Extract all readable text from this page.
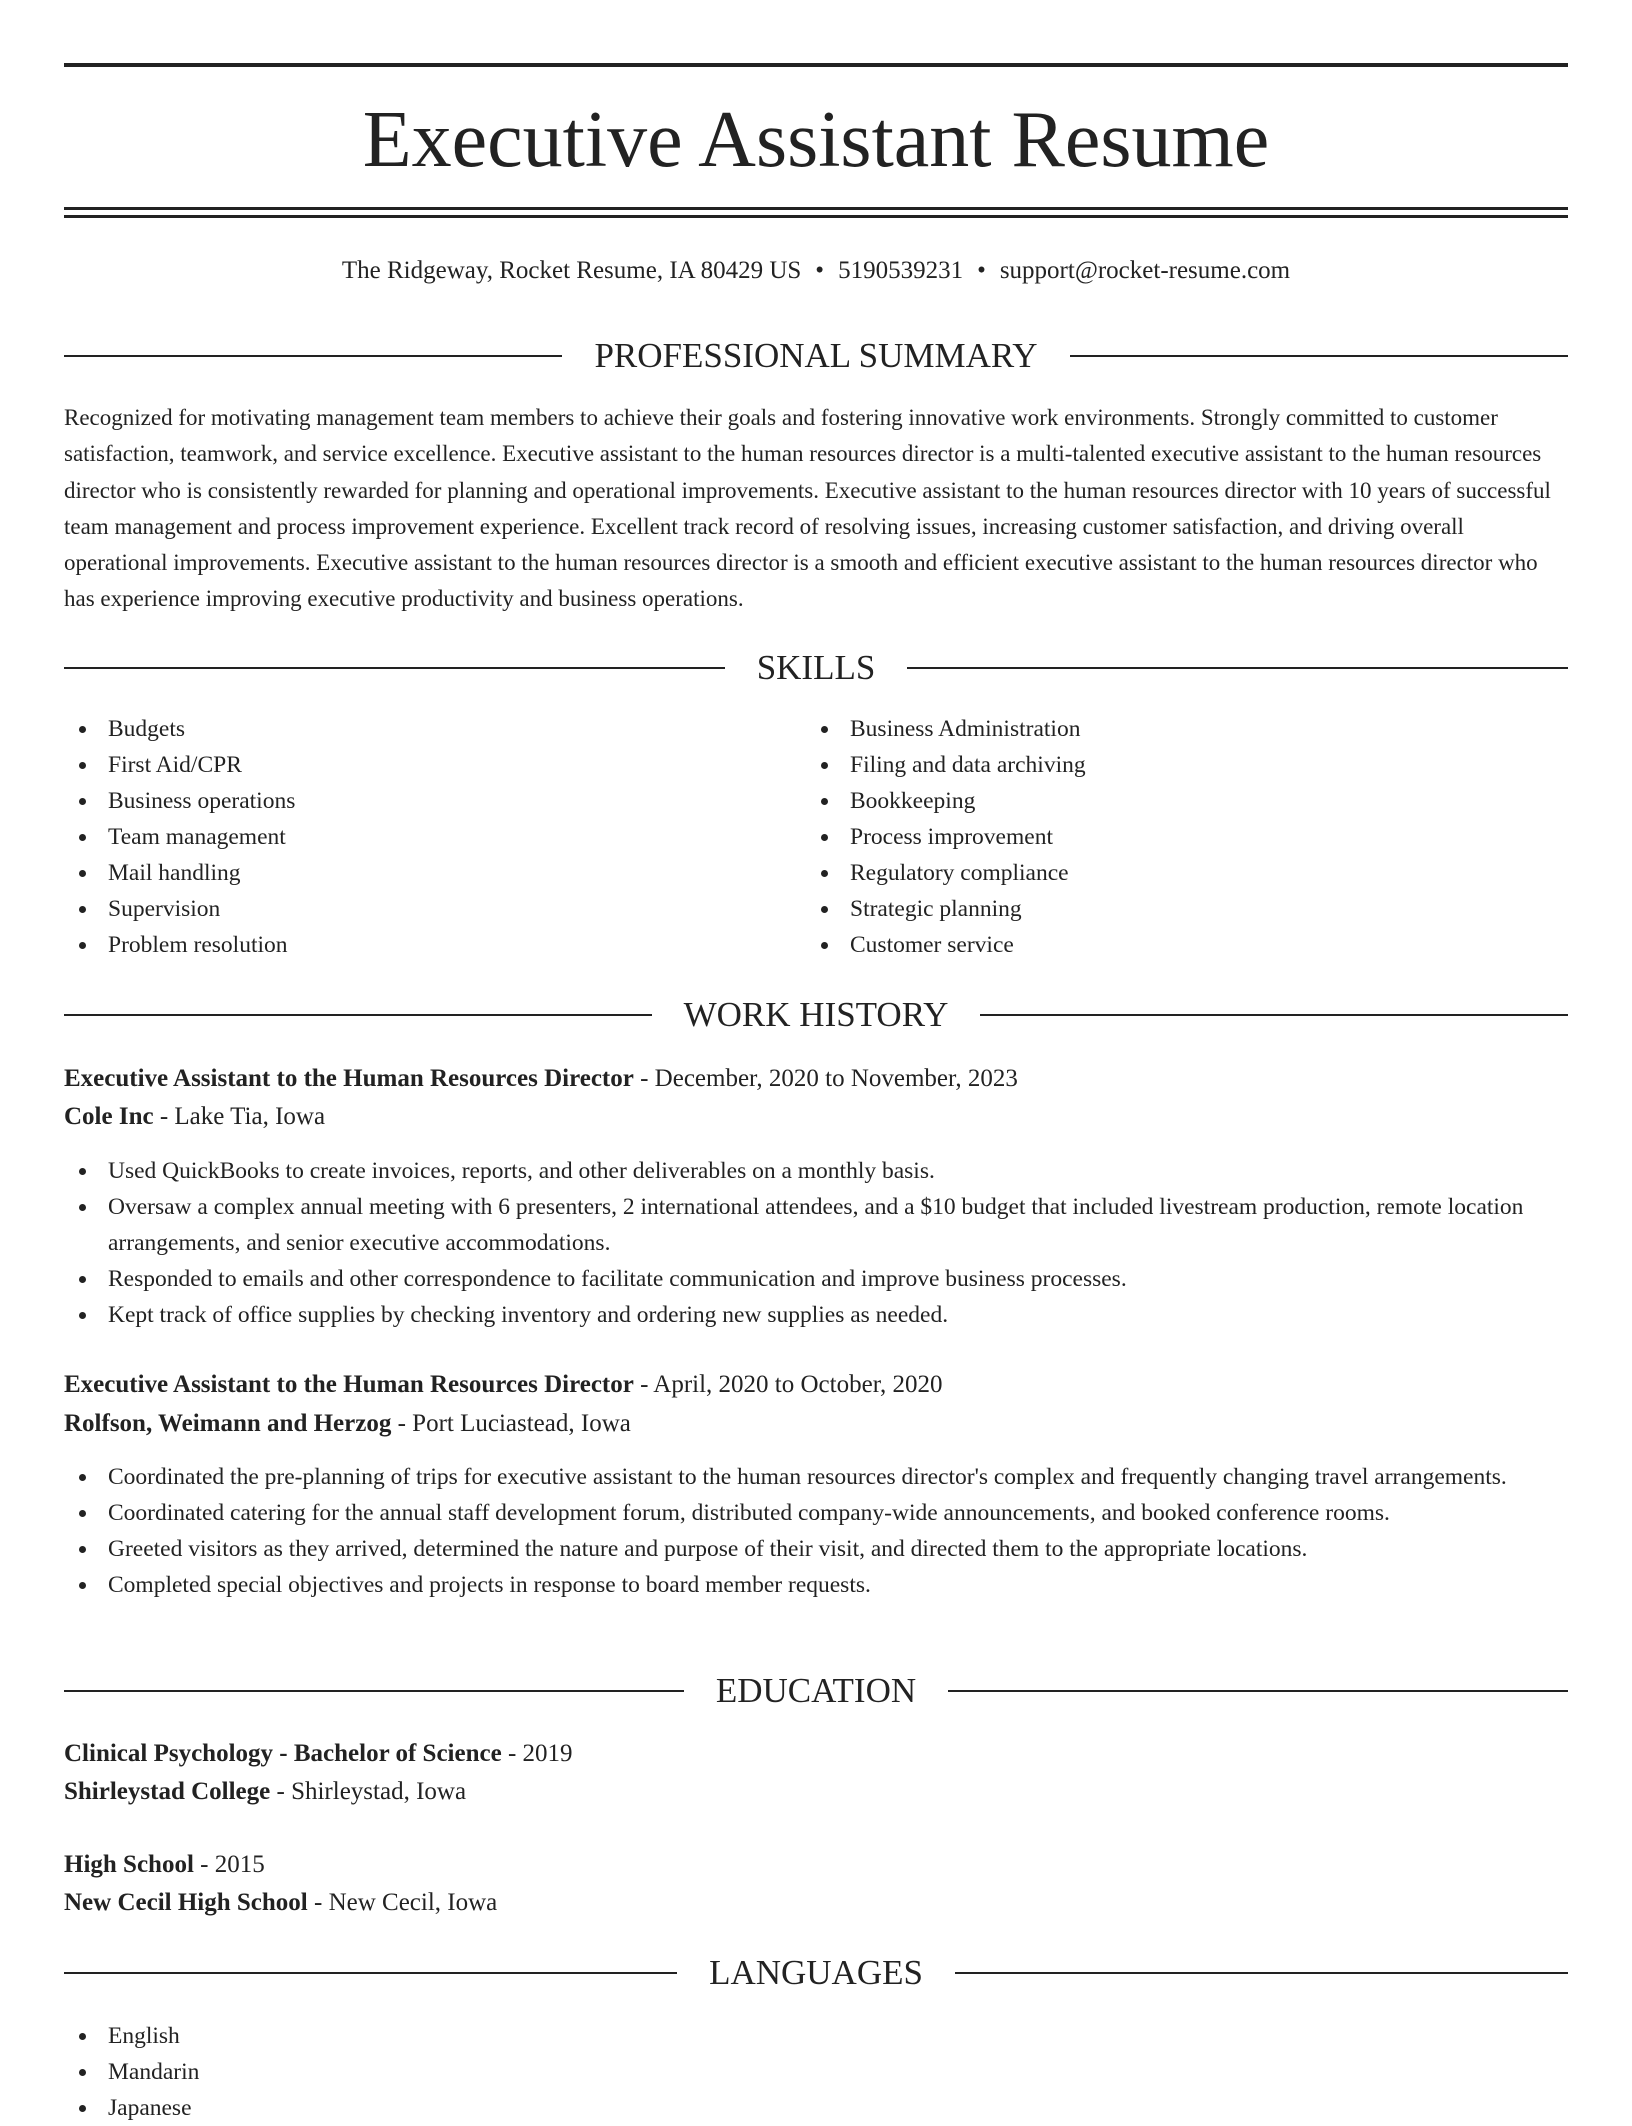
Executive Assistant Resume
The Ridgeway, Rocket Resume, IA 80429 US • 5190539231 • support@rocket-resume.com
PROFESSIONAL SUMMARY

Recognized for motivating management team members to achieve their goals and fostering innovative work environments. Strongly committed to customer satisfaction, teamwork, and service excellence. Executive assistant to the human resources director is a multi-talented executive assistant to the human resources director who is consistently rewarded for planning and operational improvements. Executive assistant to the human resources director with 10 years of successful team management and process improvement experience. Excellent track record of resolving issues, increasing customer satisfaction, and driving overall operational improvements. Executive assistant to the human resources director is a smooth and efficient executive assistant to the human resources director who has experience improving executive productivity and business operations.

SKILLS
Budgets
First Aid/CPR
Business operations
Team management
Mail handling
Supervision
Problem resolution
Business Administration
Filing and data archiving
Bookkeeping
Process improvement
Regulatory compliance
Strategic planning
Customer service
WORK HISTORY
Executive Assistant to the Human Resources Director - December, 2020 to November, 2023
Cole Inc - Lake Tia, Iowa
Used QuickBooks to create invoices, reports, and other deliverables on a monthly basis.
Oversaw a complex annual meeting with 6 presenters, 2 international attendees, and a $10 budget that included livestream production, remote location arrangements, and senior executive accommodations.
Responded to emails and other correspondence to facilitate communication and improve business processes.
Kept track of office supplies by checking inventory and ordering new supplies as needed.
Executive Assistant to the Human Resources Director - April, 2020 to October, 2020
Rolfson, Weimann and Herzog - Port Luciastead, Iowa
Coordinated the pre-planning of trips for executive assistant to the human resources director's complex and frequently changing travel arrangements.
Coordinated catering for the annual staff development forum, distributed company-wide announcements, and booked conference rooms.
Greeted visitors as they arrived, determined the nature and purpose of their visit, and directed them to the appropriate locations.
Completed special objectives and projects in response to board member requests.
EDUCATION
Clinical Psychology - Bachelor of Science - 2019
Shirleystad College - Shirleystad, Iowa
High School - 2015
New Cecil High School - New Cecil, Iowa
LANGUAGES
English
Mandarin
Japanese
